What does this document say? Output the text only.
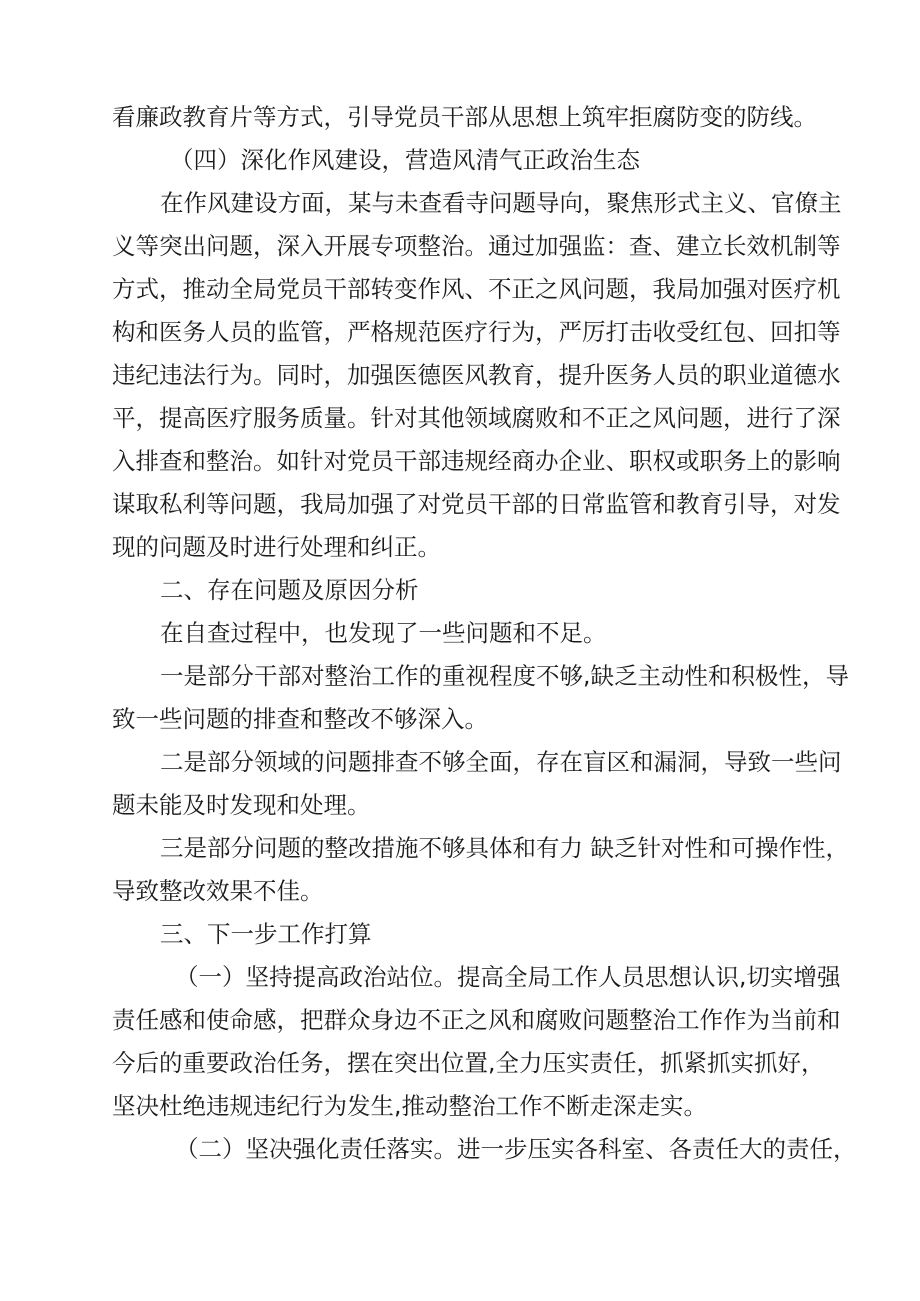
看廉政教育片等方式，引导党员干部从思想上筑牢拒腐防变的防线。
（四）深化作风建设，营造风清气正政治生态
在作风建设方面，某与未查看寺问题导向，聚焦形式主义、官僚主
义等突出问题，深入开展专项整治。通过加强监：查、建立长效机制等
方式，推动全局党员干部转变作风、不正之风问题，我局加强对医疗机
构和医务人员的监管，严格规范医疗行为，严厉打击收受红包、回扣等
违纪违法行为。同时，加强医德医风教育，提升医务人员的职业道德水
平，提高医疗服务质量。针对其他领域腐败和不正之风问题，进行了深
入排查和整治。如针对党员干部违规经商办企业、职权或职务上的影响
谋取私利等问题，我局加强了对党员干部的日常监管和教育引导，对发
现的问题及时进行处理和纠正。
二、存在问题及原因分析
在自查过程中，也发现了一些问题和不足。
一是部分干部对整治工作的重视程度不够,缺乏主动性和积极性，导
致一些问题的排查和整改不够深入。
二是部分领域的问题排查不够全面，存在盲区和漏洞，导致一些问
题未能及时发现和处理。
三是部分问题的整改措施不够具体和有力 缺乏针对性和可操作性，
导致整改效果不佳。
三、下一步工作打算
（一）坚持提高政治站位。提高全局工作人员思想认识,切实增强
责任感和使命感，把群众身边不正之风和腐败问题整治工作作为当前和
今后的重要政治任务，摆在突出位置,全力压实责任，抓紧抓实抓好，
坚决杜绝违规违纪行为发生,推动整治工作不断走深走实。
（二）坚决强化责任落实。进一步压实各科室、各责任大的责任，
